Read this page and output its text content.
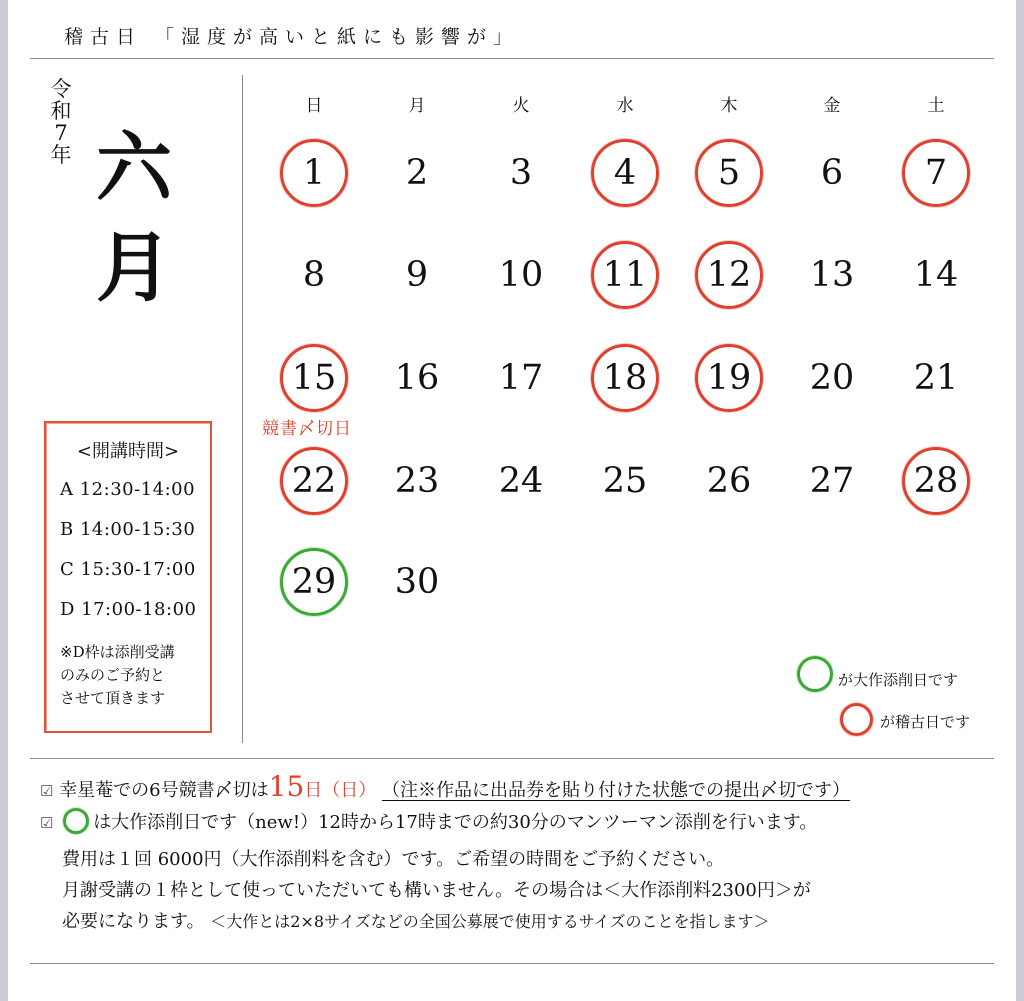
稽古日 「湿度が高いと紙にも影響が」
令
和
7
年 六
月
<開講時間>
A 12:30-14:00
B 14:00-15:30
C 15:30-17:00
D 17:00-18:00
※D枠は添削受講
のみのご予約と
させて頂きます
日	月	火	水	木	金	土
1	2	3	4	5	6	7
8	9	10	11	12	13	14
15	16	17	18	19	20	21
22	23	24	25	26	27	28
29	30
競書〆切日
が大作添削日です
が稽古日です
☑ 幸星菴での6号競書〆切は15日（日） （注※作品に出品券を貼り付けた状態での提出〆切です）
☑ は大作添削日です（new!）12時から17時までの約30分のマンツーマン添削を行います。
費用は１回 6000円（大作添削料を含む）です。ご希望の時間をご予約ください。
月謝受講の１枠として使っていただいても構いません。その場合は＜大作添削料2300円＞が
必要になります。 ＜大作とは2×8サイズなどの全国公募展で使用するサイズのことを指します＞
